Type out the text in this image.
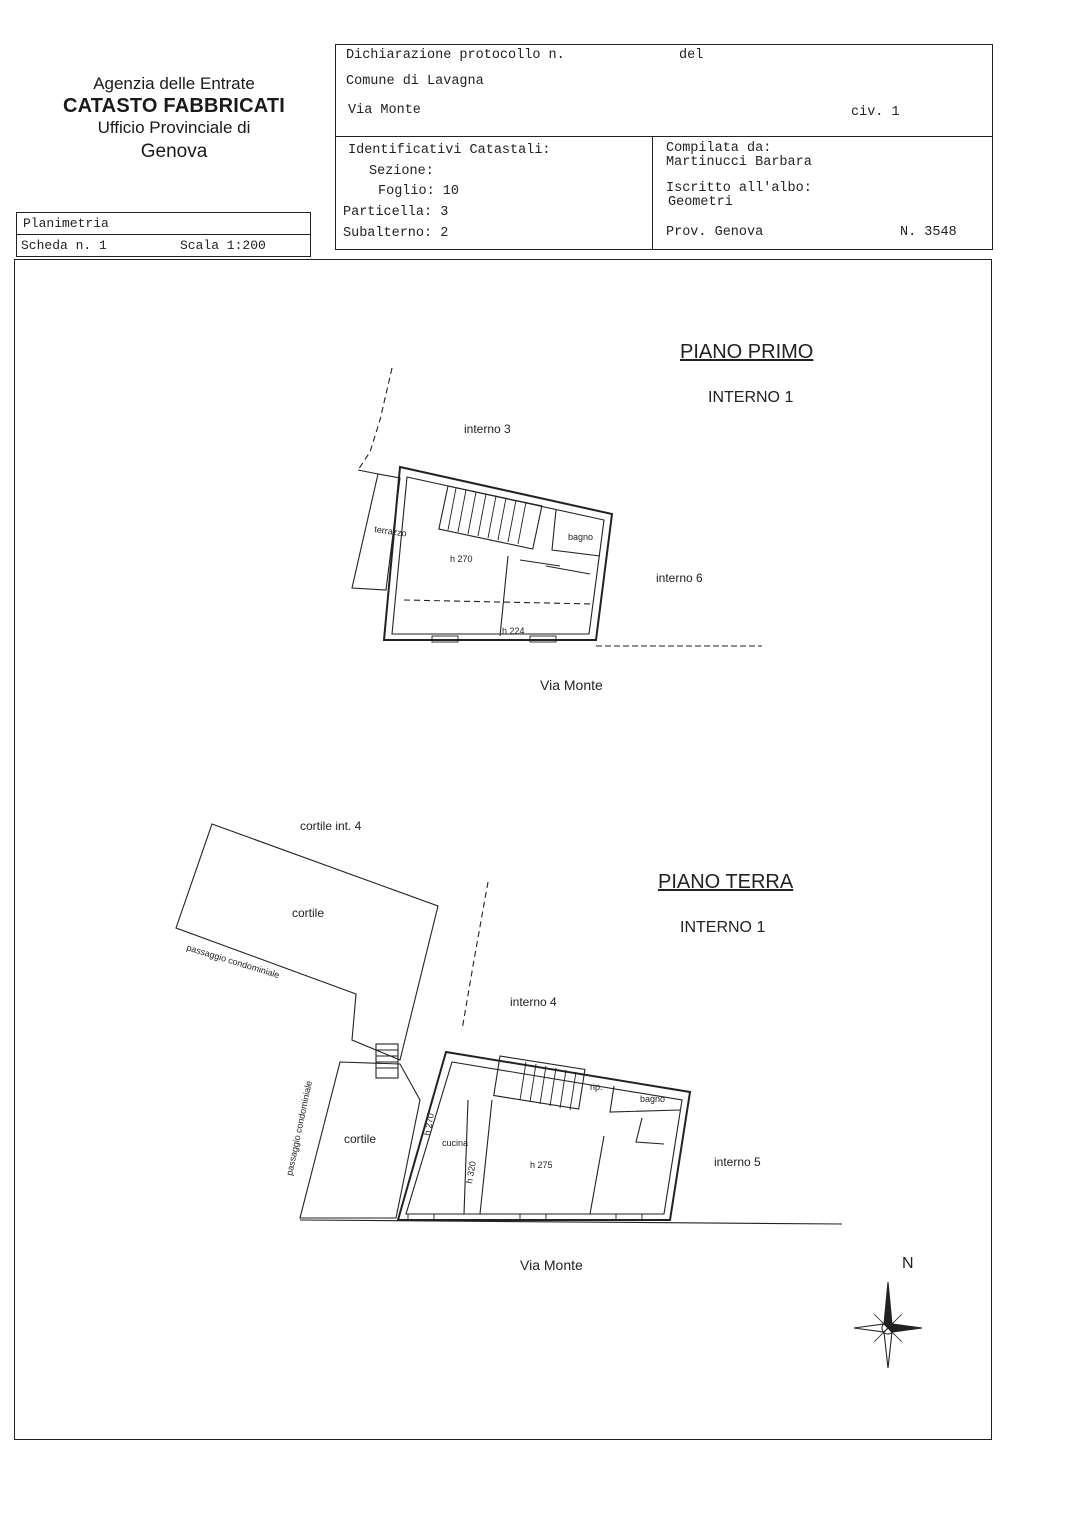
Agenzia delle Entrate
CATASTO FABBRICATI
Ufficio Provinciale di
Genova
Planimetria
Scheda n. 1	Scala 1:200
Dichiarazione protocollo n.	del
Comune di Lavagna
Via Monte	civ. 1
Identificativi Catastali:
Sezione:
Foglio: 10
Particella: 3
Subalterno: 2
Compilata da:
Martinucci Barbara
Iscritto all'albo:
Geometri
Prov. Genova	N. 3548
PIANO PRIMO
INTERNO 1
interno 3
interno 6
terrazzo	bagno
h 270
h 224
Via Monte
PIANO TERRA
INTERNO 1
cortile int. 4
cortile
passaggio condominiale
interno 4
passaggio condominiale cortile
h 270
cucina
h 320	h 275
rip.
bagno
interno 5
Via Monte	N
